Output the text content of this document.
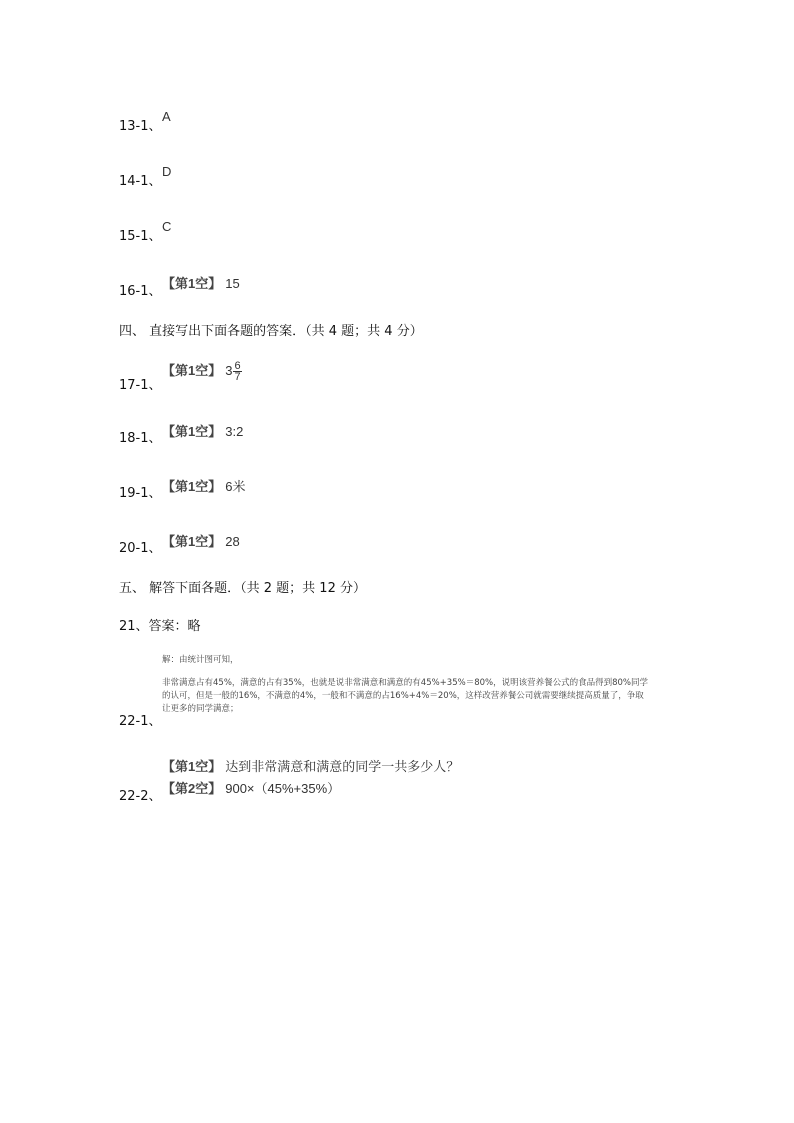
13-1、
A
14-1、
D
15-1、
C
16-1、
【第1空】 15
四、 直接写出下面各题的答案．（共 4 题；共 4 分）
17-1、
【第1空】 $3 \frac{6}{7}$
18-1、 【第1空】 3:2
19-1、 【第1空】 6米
20-1、 【第1空】 28
五、 解答下面各题．（共 2 题；共 12 分）
21、答案：略
解：由统计图可知，
非常满意占有45%，满意的占有35%，也就是说非常满意和满意的有45%+35%＝80%，说明该营养餐公式的食品得到80%同学的认可，但是一般的16%，不满意的4%，一般和不满意的占16%+4%＝20%，这样改营养餐公司就需要继续提高质量了，争取让更多的同学满意；
22-1、
【第1空】 达到非常满意和满意的同学一共多少人？
22-2、
【第2空】 900×（45%+35%）
